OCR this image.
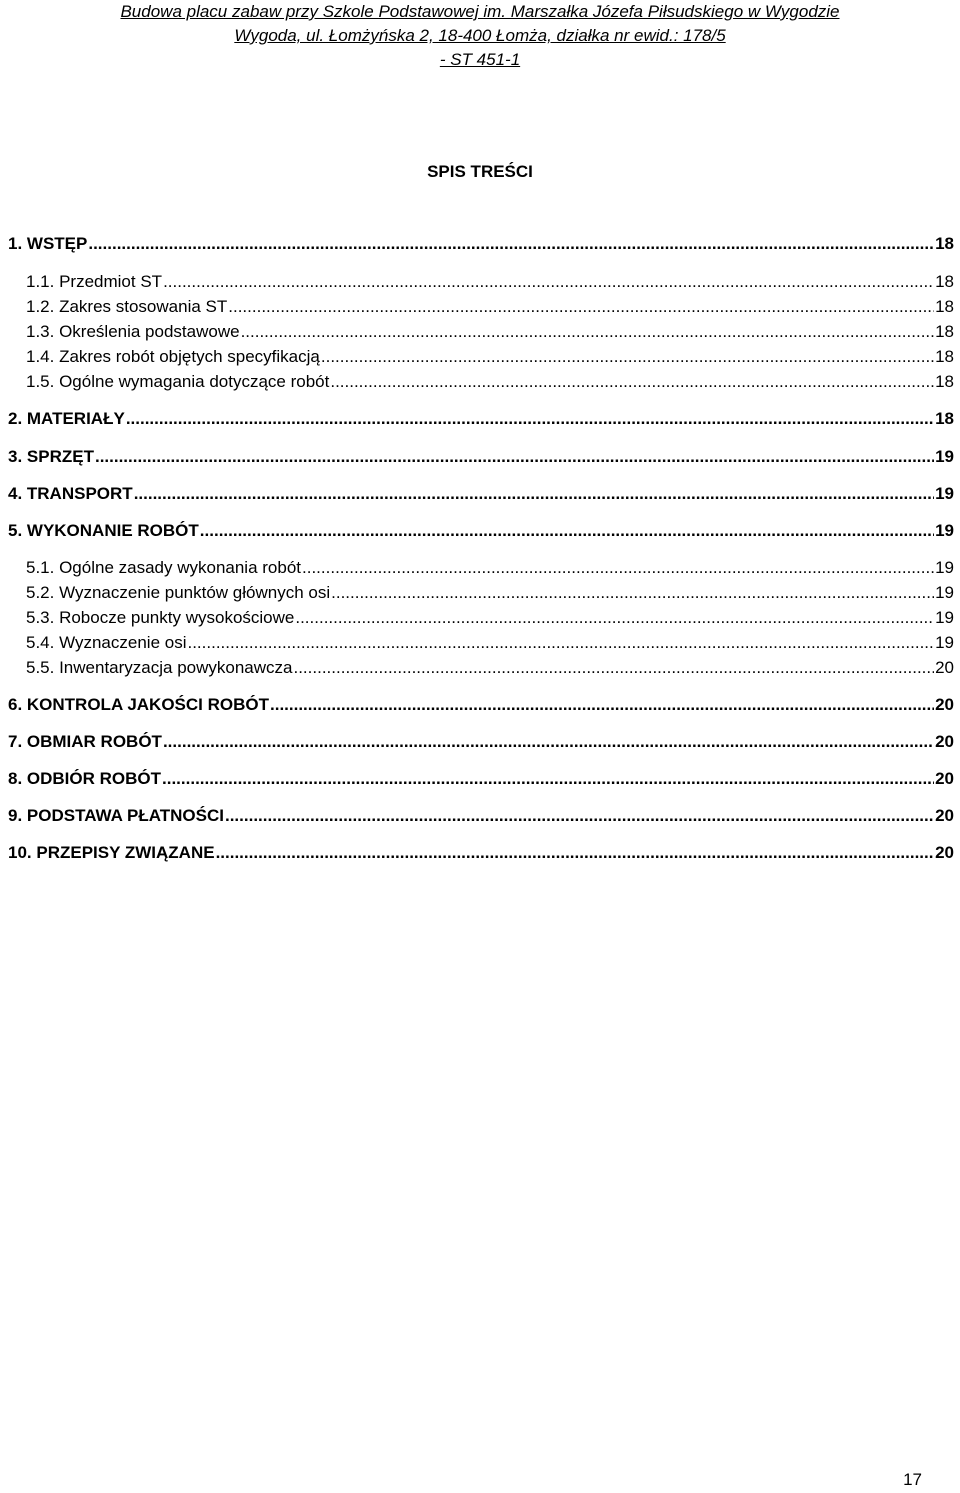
Budowa placu zabaw przy Szkole Podstawowej im. Marszałka Józefa Piłsudskiego w Wygodzie
Wygoda, ul. Łomżyńska 2, 18-400 Łomża, działka nr ewid.: 178/5
- ST 451-1
SPIS TREŚCI
1. WSTĘP .....	18
1.1. Przedmiot ST .....	18
1.2. Zakres stosowania ST .....	18
1.3. Określenia podstawowe .....	18
1.4. Zakres robót objętych specyfikacją .....	18
1.5. Ogólne wymagania dotyczące robót .....	18
2. MATERIAŁY .....	18
3. SPRZĘT .....	19
4. TRANSPORT .....	19
5. WYKONANIE ROBÓT .....	19
5.1. Ogólne zasady wykonania robót .....	19
5.2. Wyznaczenie punktów głównych osi .....	19
5.3. Robocze punkty wysokościowe .....	19
5.4. Wyznaczenie osi .....	19
5.5. Inwentaryzacja powykonawcza .....	20
6. KONTROLA JAKOŚCI ROBÓT .....	20
7. OBMIAR ROBÓT .....	20
8. ODBIÓR ROBÓT .....	20
9. PODSTAWA PŁATNOŚCI .....	20
10. PRZEPISY ZWIĄZANE .....	20
17
